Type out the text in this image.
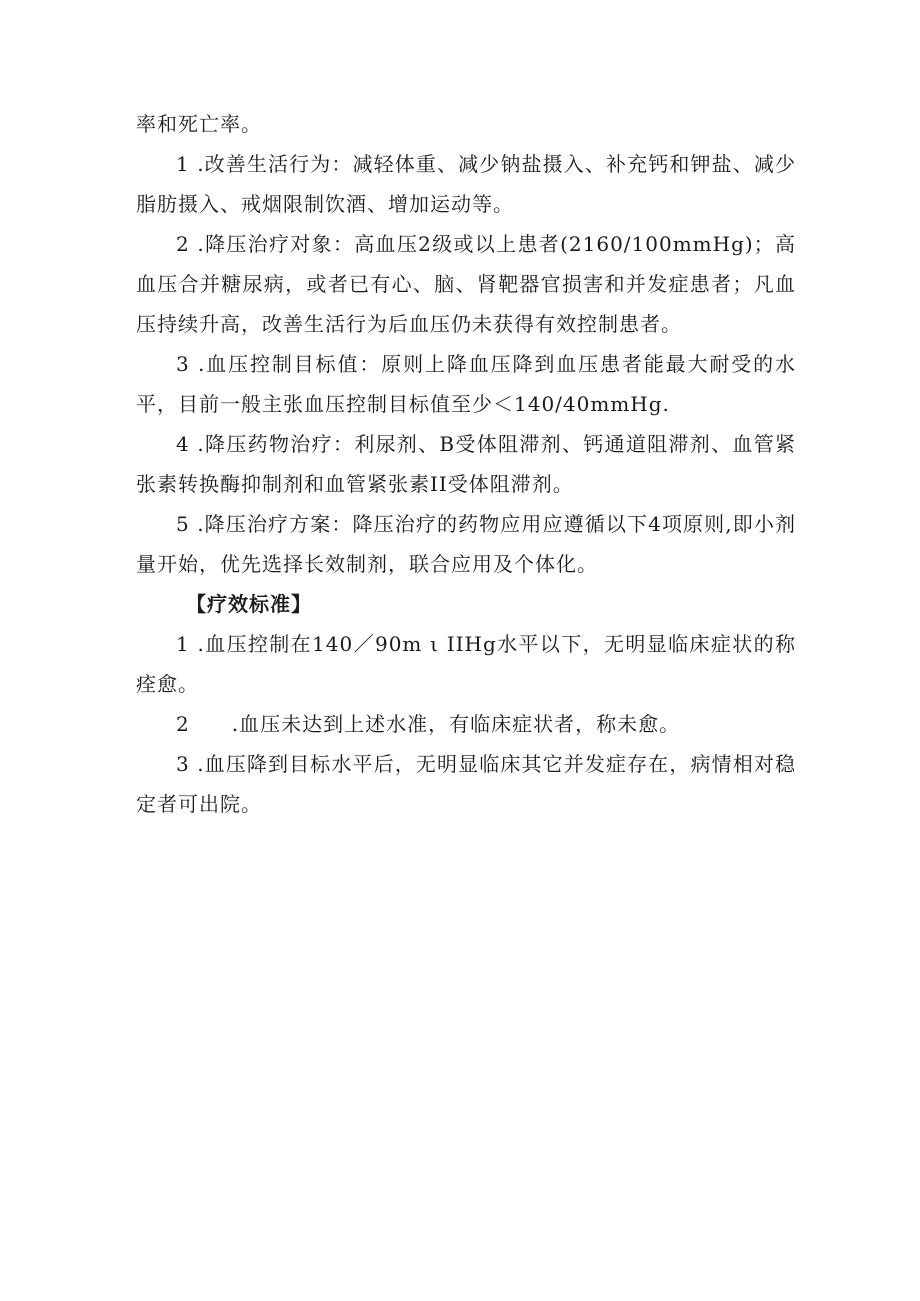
率和死亡率。

1 .改善生活行为：减轻体重、减少钠盐摄入、补充钙和钾盐、减少脂肪摄入、戒烟限制饮酒、增加运动等。

2 .降压治疗对象：高血压2级或以上患者(2160/100mmHg)；高血压合并糖尿病，或者已有心、脑、肾靶器官损害和并发症患者；凡血压持续升高，改善生活行为后血压仍未获得有效控制患者。

3 .血压控制目标值：原则上降血压降到血压患者能最大耐受的水平，目前一般主张血压控制目标值至少＜140/40mmHg.

4 .降压药物治疗：利尿剂、B受体阻滞剂、钙通道阻滞剂、血管紧张素转换酶抑制剂和血管紧张素II受体阻滞剂。

5 .降压治疗方案：降压治疗的药物应用应遵循以下4项原则,即小剂量开始，优先选择长效制剂，联合应用及个体化。

【疗效标准】

1 .血压控制在140／90m ι IIHg水平以下，无明显临床症状的称痊愈。

2　　.血压未达到上述水准，有临床症状者，称未愈。

3 .血压降到目标水平后，无明显临床其它并发症存在，病情相对稳定者可出院。
